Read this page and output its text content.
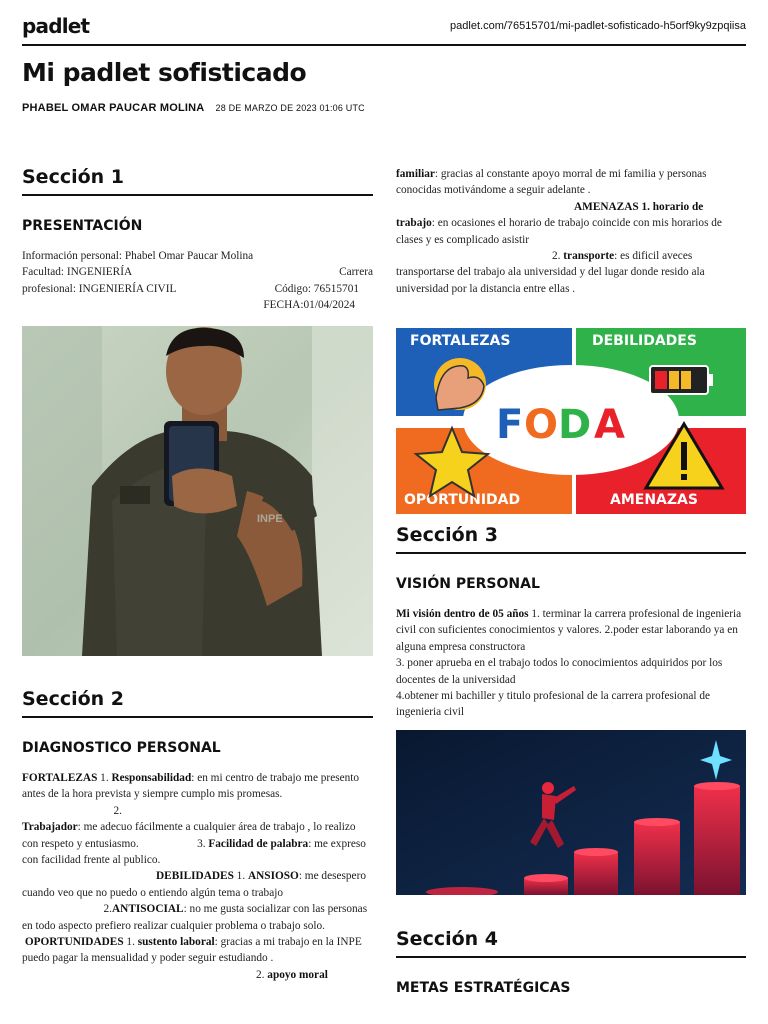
padlet	padlet.com/76515701/mi-padlet-sofisticado-h5orf9ky9zpqiisa
Mi padlet sofisticado
PHABEL OMAR PAUCAR MOLINA 28 DE MARZO DE 2023 01:06 UTC
Sección 1
PRESENTACIÓN
Información personal: Phabel Omar Paucar Molina
Facultad: INGENIERÍA	Carrera
profesional: INGENIERÍA CIVIL	Código: 76515701
FECHA:01/04/2024
INPE
Sección 2
DIAGNOSTICO PERSONAL
FORTALEZAS 1. Responsabilidad: en mi centro de trabajo me presento antes de la hora prevista y siempre cumplo mis promesas. 2.
Trabajador: me adecuo fácilmente a cualquier área de trabajo , lo realizo con respeto y entusiasmo.	3. Facilidad de palabra: me expreso con facilidad frente al publico.
DEBILIDADES 1. ANSIOSO: me desespero cuando veo que no puedo o entiendo algún tema o trabajo 2.ANTISOCIAL: no me gusta socializar con las personas en todo aspecto prefiero realizar cualquier problema o trabajo solo.
OPORTUNIDADES 1. sustento laboral: gracias a mi trabajo en la INPE puedo pagar la mensualidad y poder seguir estudiando .
2. apoyo moral
familiar: gracias al constante apoyo morral de mi familia y personas conocidas motivándome a seguir adelante .
AMENAZAS 1. horario de
trabajo: en ocasiones el horario de trabajo coincide con mis horarios de clases y es complicado asistir
2. transporte: es dificil aveces transportarse del trabajo ala universidad y del lugar donde resido ala universidad por la distancia entre ellas .
FORTALEZAS	DEBILIDADES
OPORTUNIDAD	AMENAZAS
F O D A
Sección 3
VISIÓN PERSONAL
Mi visión dentro de 05 años 1. terminar la carrera profesional de ingenieria civil con suficientes conocimientos y valores. 2.poder estar laborando ya en alguna empresa constructora
3. poner aprueba en el trabajo todos lo conocimientos adquiridos por los docentes de la universidad
4.obtener mi bachiller y titulo profesional de la carrera profesional de ingenieria civil
Sección 4
METAS ESTRATÉGICAS
